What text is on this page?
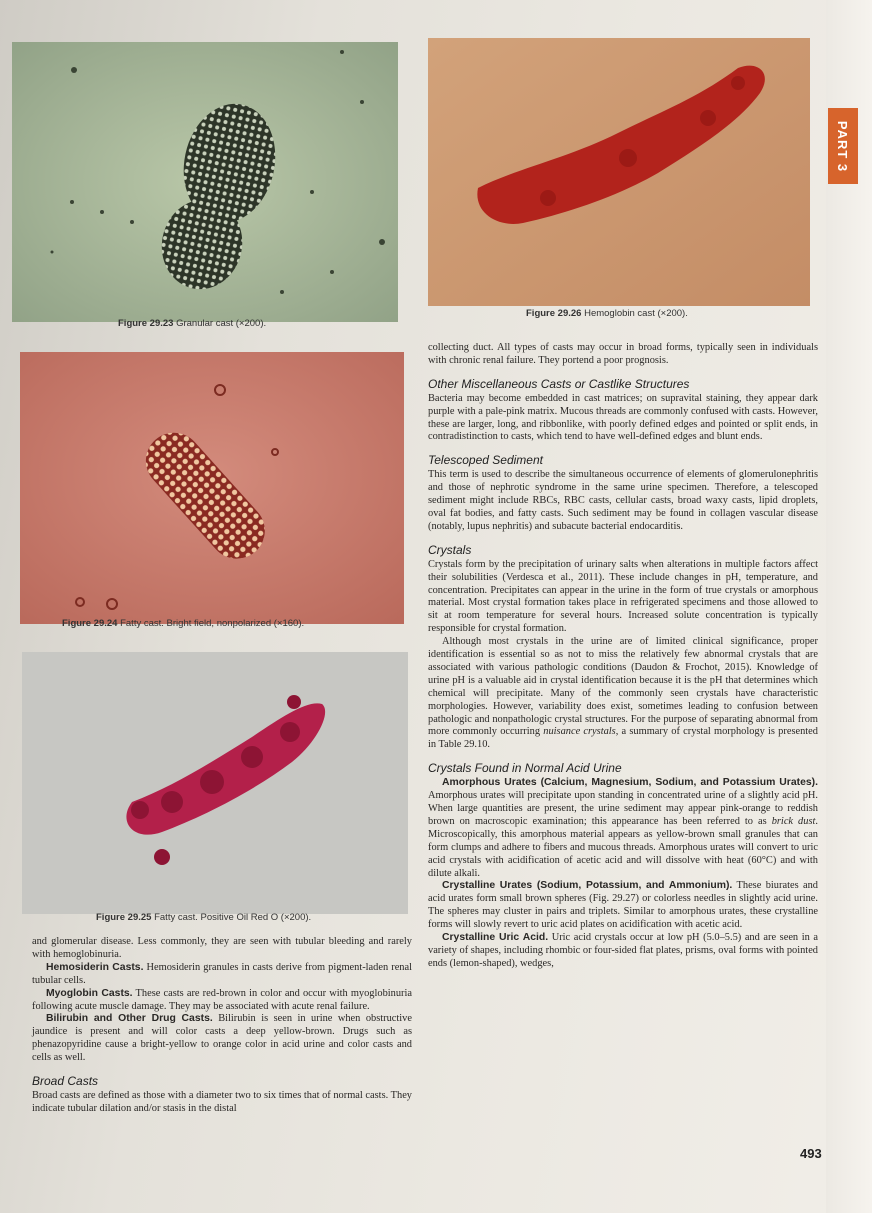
PART 3
Figure 29.23 Granular cast (×200).
Figure 29.26 Hemoglobin cast (×200).
Figure 29.24 Fatty cast. Bright field, nonpolarized (×160).
Figure 29.25 Fatty cast. Positive Oil Red O (×200).

and glomerular disease. Less commonly, they are seen with tubular bleeding and rarely with hemoglobinuria.

Hemosiderin Casts. Hemosiderin granules in casts derive from pigment-laden renal tubular cells.

Myoglobin Casts. These casts are red-brown in color and occur with myoglobinuria following acute muscle damage. They may be associated with acute renal failure.

Bilirubin and Other Drug Casts. Bilirubin is seen in urine when obstructive jaundice is present and will color casts a deep yellow-brown. Drugs such as phenazopyridine cause a bright-yellow to orange color in acid urine and color casts and cells as well.

Broad Casts

Broad casts are defined as those with a diameter two to six times that of normal casts. They indicate tubular dilation and/or stasis in the distal

collecting duct. All types of casts may occur in broad forms, typically seen in individuals with chronic renal failure. They portend a poor prognosis.

Other Miscellaneous Casts or Castlike Structures

Bacteria may become embedded in cast matrices; on supravital staining, they appear dark purple with a pale-pink matrix. Mucous threads are commonly confused with casts. However, these are larger, long, and ribbonlike, with poorly defined edges and pointed or split ends, in contradistinction to casts, which tend to have well-defined edges and blunt ends.

Telescoped Sediment

This term is used to describe the simultaneous occurrence of elements of glomerulonephritis and those of nephrotic syndrome in the same urine specimen. Therefore, a telescoped sediment might include RBCs, RBC casts, cellular casts, broad waxy casts, lipid droplets, oval fat bodies, and fatty casts. Such sediment may be found in collagen vascular disease (notably, lupus nephritis) and subacute bacterial endocarditis.

Crystals

Crystals form by the precipitation of urinary salts when alterations in multiple factors affect their solubilities (Verdesca et al., 2011). These include changes in pH, temperature, and concentration. Precipitates can appear in the urine in the form of true crystals or amorphous material. Most crystal formation takes place in refrigerated specimens and those allowed to sit at room temperature for several hours. Increased solute concentration is typically responsible for crystal formation.

Although most crystals in the urine are of limited clinical significance, proper identification is essential so as not to miss the relatively few abnormal crystals that are associated with various pathologic conditions (Daudon & Frochot, 2015). Knowledge of urine pH is a valuable aid in crystal identification because it is the pH that determines which chemical will precipitate. Many of the commonly seen crystals have characteristic morphologies. However, variability does exist, sometimes leading to confusion between pathologic and nonpathologic crystal structures. For the purpose of separating abnormal from more commonly occurring nuisance crystals, a summary of crystal morphology is presented in Table 29.10.

Crystals Found in Normal Acid Urine

Amorphous Urates (Calcium, Magnesium, Sodium, and Potassium Urates). Amorphous urates will precipitate upon standing in concentrated urine of a slightly acid pH. When large quantities are present, the urine sediment may appear pink-orange to reddish brown on macroscopic examination; this appearance has been referred to as brick dust. Microscopically, this amorphous material appears as yellow-brown small granules that can form clumps and adhere to fibers and mucous threads. Amorphous urates will convert to uric acid crystals with acidification of acetic acid and will dissolve with heat (60°C) and with dilute alkali.

Crystalline Urates (Sodium, Potassium, and Ammonium). These biurates and acid urates form small brown spheres (Fig. 29.27) or colorless needles in slightly acid urine. The spheres may cluster in pairs and triplets. Similar to amorphous urates, these crystalline forms will slowly revert to uric acid plates on acidification with acetic acid.

Crystalline Uric Acid. Uric acid crystals occur at low pH (5.0–5.5) and are seen in a variety of shapes, including rhombic or four-sided flat plates, prisms, oval forms with pointed ends (lemon-shaped), wedges,

493
